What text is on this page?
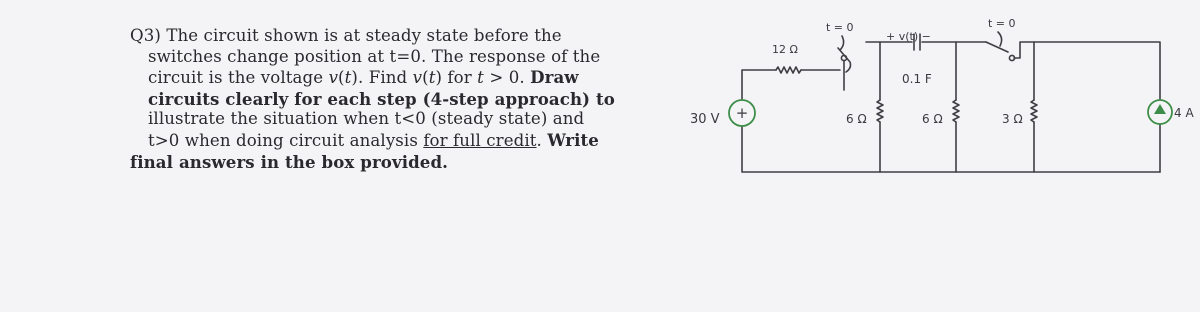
Q3) The circuit shown is at steady state before the

switches change position at t=0. The response of the

circuit is the voltage v(t). Find v(t) for t > 0. Draw

circuits clearly for each step (4-step approach) to

illustrate the situation when t<0 (steady state) and

t>0 when doing circuit analysis for full credit. Write

final answers in the box provided.

+
30 V
12 Ω
t = 0
+ v(t) −
0.1 F
6 Ω	6 Ω
t = 0
3 Ω	4 A
